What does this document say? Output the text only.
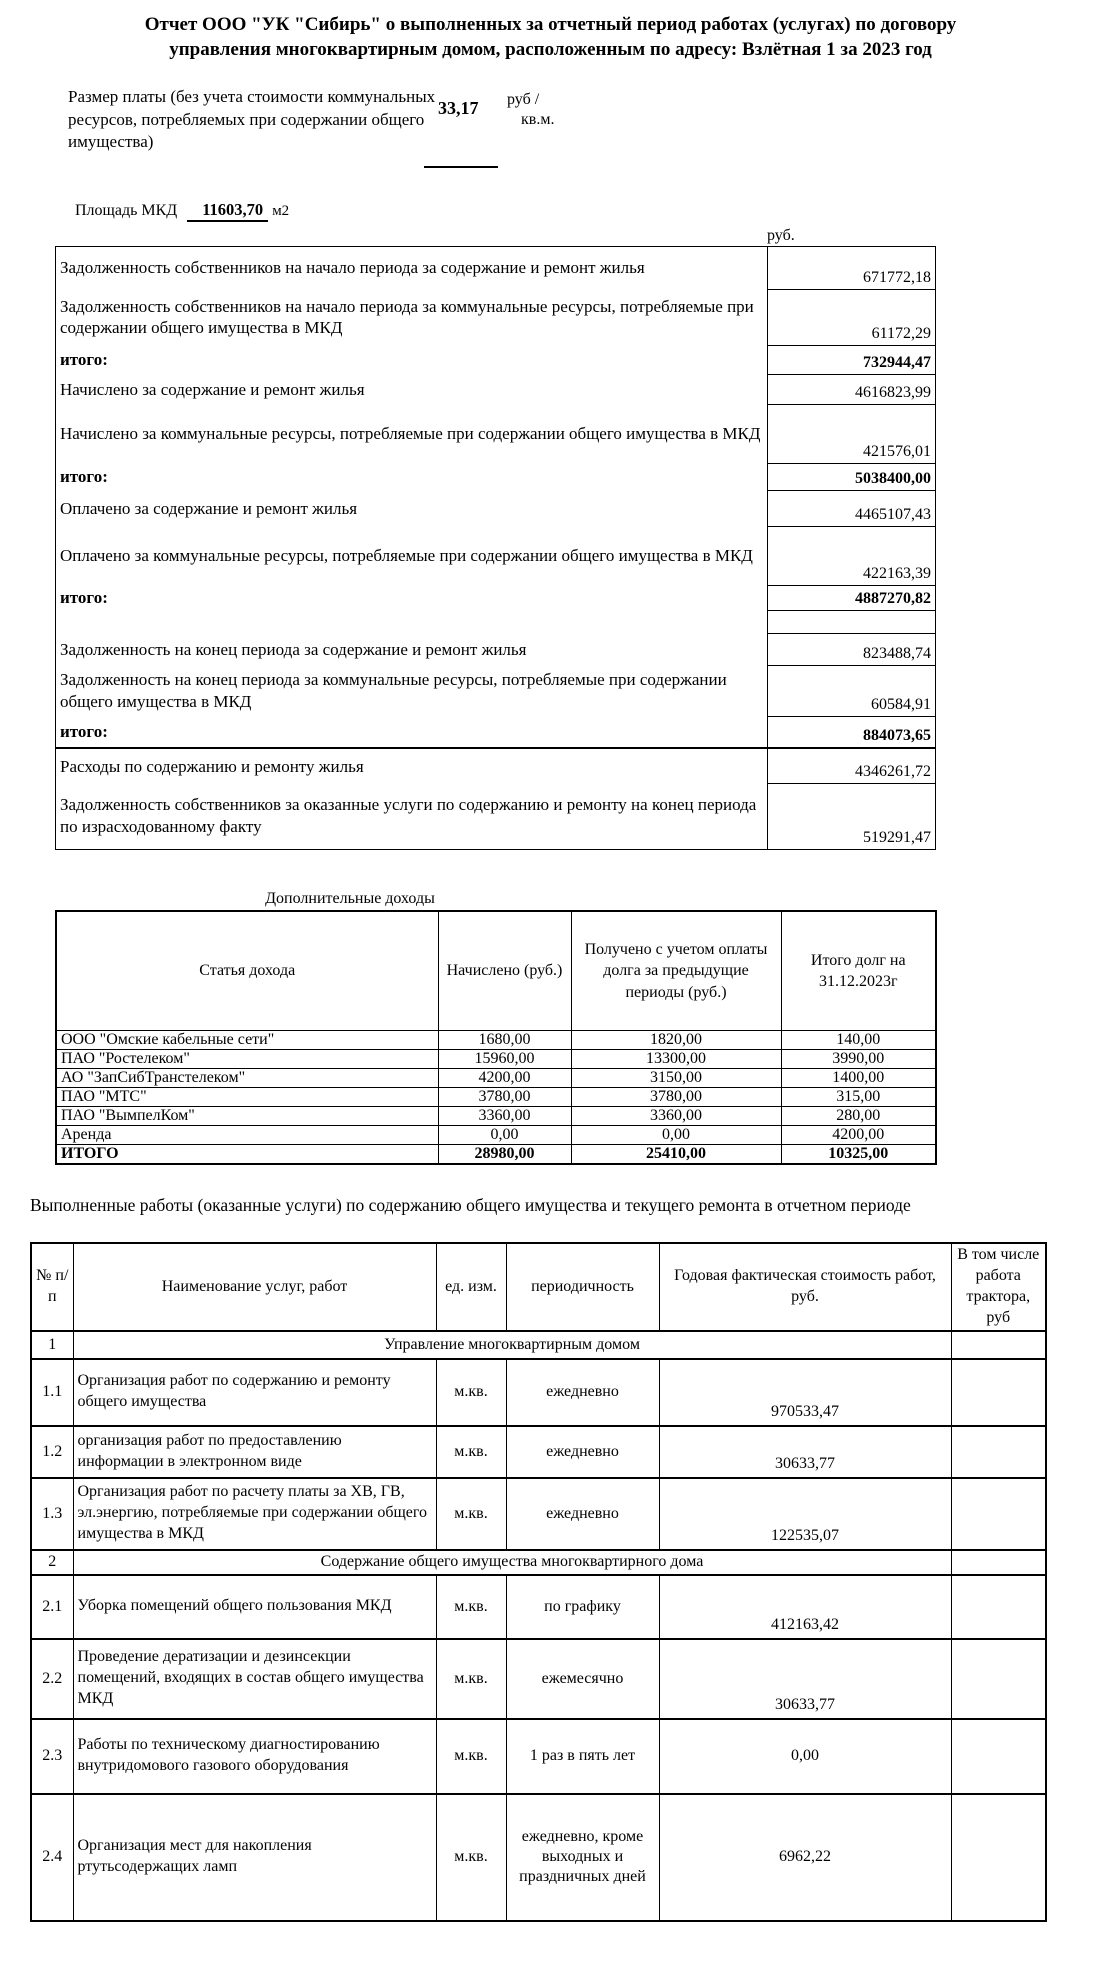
Отчет ООО "УК "Сибирь" о выполненных за отчетный период работах (услугах) по договору управления многоквартирным домом, расположенным по адресу: Взлётная 1 за 2023 год
Размер платы (без учета стоимости коммунальных ресурсов, потребляемых при содержании общего имущества)
33,17 руб /
кв.м.
Площадь МКД 11603,70 м2
руб.
Задолженность собственников на начало периода за содержание и ремонт жилья	671772,18
Задолженность собственников на начало периода за коммунальные ресурсы, потребляемые при содержании общего имущества в МКД	61172,29
итого:	732944,47
Начислено за содержание и ремонт жилья	4616823,99
Начислено за коммунальные ресурсы, потребляемые при содержании общего имущества в МКД	421576,01
итого:	5038400,00
Оплачено за содержание и ремонт жилья	4465107,43
Оплачено за коммунальные ресурсы, потребляемые при содержании общего имущества в МКД	422163,39
итого:	4887270,82

Задолженность на конец периода за содержание и ремонт жилья	823488,74
Задолженность на конец периода за коммунальные ресурсы, потребляемые при содержании общего имущества в МКД	60584,91
итого:	884073,65
Расходы по содержанию и ремонту жилья	4346261,72
Задолженность собственников за оказанные услуги по содержанию и ремонту на конец периода по израсходованному факту	519291,47
Дополнительные доходы
Статья дохода	Начислено (руб.)	Получено с учетом оплаты долга за предыдущие периоды (руб.)	Итого долг на 31.12.2023г
ООО "Омские кабельные сети"	1680,00	1820,00	140,00
ПАО "Ростелеком"	15960,00	13300,00	3990,00
АО "ЗапСибТранстелеком"	4200,00	3150,00	1400,00
ПАО "МТС"	3780,00	3780,00	315,00
ПАО "ВымпелКом"	3360,00	3360,00	280,00
Аренда	0,00	0,00	4200,00
ИТОГО	28980,00	25410,00	10325,00
Выполненные работы (оказанные услуги) по содержанию общего имущества и текущего ремонта в отчетном периоде
№ п/п	Наименование услуг, работ	ед. изм.	периодичность	Годовая фактическая стоимость работ, руб.	В том числе работа трактора, руб
1	Управление многоквартирным домом				
1.1	Организация работ по содержанию и ремонту общего имущества	м.кв.	ежедневно	970533,47	
1.2	организация работ по предоставлению информации в электронном виде	м.кв.	ежедневно	30633,77	
1.3	Организация работ по расчету платы за ХВ, ГВ, эл.энергию, потребляемые при содержании общего имущества в МКД	м.кв.	ежедневно	122535,07	
2	Содержание общего имущества многоквартирного дома				
2.1	Уборка помещений общего пользования МКД	м.кв.	по графику	412163,42	
2.2	Проведение дератизации и дезинсекции помещений, входящих в состав общего имущества МКД	м.кв.	ежемесячно	30633,77	
2.3	Работы по техническому диагностированию внутридомового газового оборудования	м.кв.	1 раз в пять лет	0,00	
2.4	Организация мест для накопления ртутьсодержащих ламп	м.кв.	ежедневно, кроме выходных и праздничных дней	6962,22	
